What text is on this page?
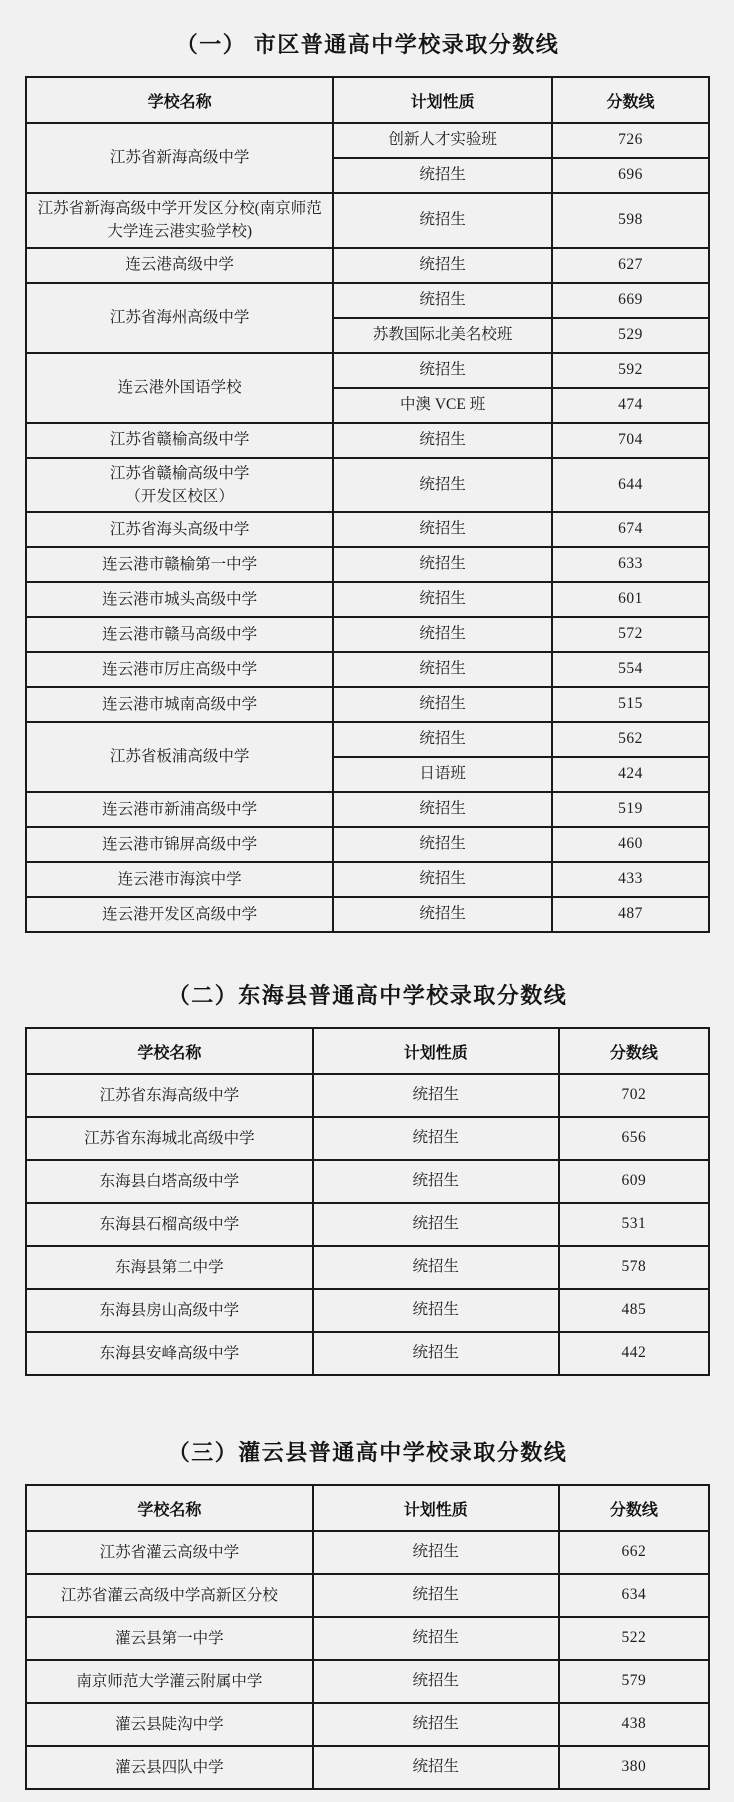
（一） 市区普通高中学校录取分数线
学校名称	计划性质	分数线

江苏省新海高级中学	创新人才实验班	726
	统招生	696

江苏省新海高级中学开发区分校(南京师范大学连云港实验学校)	统招生	598

连云港高级中学	统招生	627

江苏省海州高级中学	统招生	669
	苏教国际北美名校班	529

连云港外国语学校	统招生	592
	中澳 VCE 班	474

江苏省赣榆高级中学	统招生	704

江苏省赣榆高级中学
（开发区校区）	统招生	644

江苏省海头高级中学	统招生	674

连云港市赣榆第一中学	统招生	633

连云港市城头高级中学	统招生	601

连云港市赣马高级中学	统招生	572

连云港市厉庄高级中学	统招生	554

连云港市城南高级中学	统招生	515

江苏省板浦高级中学	统招生	562
	日语班	424

连云港市新浦高级中学	统招生	519

连云港市锦屏高级中学	统招生	460

连云港市海滨中学	统招生	433

连云港开发区高级中学	统招生	487
（二）东海县普通高中学校录取分数线
学校名称	计划性质	分数线

江苏省东海高级中学	统招生	702

江苏省东海城北高级中学	统招生	656

东海县白塔高级中学	统招生	609

东海县石榴高级中学	统招生	531

东海县第二中学	统招生	578

东海县房山高级中学	统招生	485

东海县安峰高级中学	统招生	442
（三）灌云县普通高中学校录取分数线
学校名称	计划性质	分数线

江苏省灌云高级中学	统招生	662

江苏省灌云高级中学高新区分校	统招生	634

灌云县第一中学	统招生	522

南京师范大学灌云附属中学	统招生	579

灌云县陡沟中学	统招生	438

灌云县四队中学	统招生	380
